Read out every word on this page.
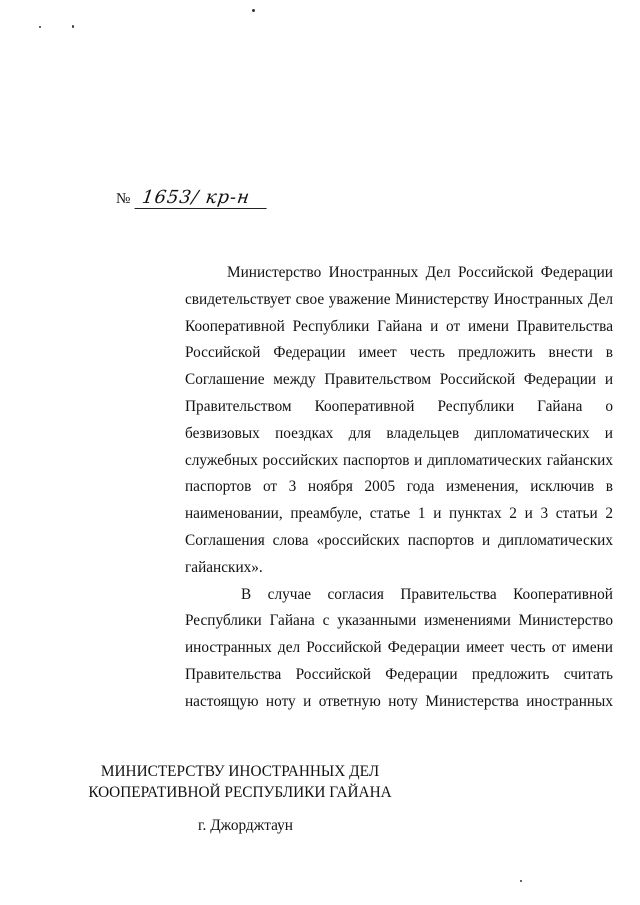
№ 1653/ кр-н

Министерство Иностранных Дел Российской Федерации свидетельствует свое уважение Министерству Иностранных Дел Кооперативной Республики Гайана и от имени Правительства Российской Федерации имеет честь предложить внести в Соглашение между Правительством Российской Федерации и Правительством Кооперативной Республики Гайана о безвизовых поездках для владельцев дипломатических и служебных российских паспортов и дипломатических гайанских паспортов от 3 ноября 2005 года изменения, исключив в наименовании, преамбуле, статье 1 и пунктах 2 и 3 статьи 2 Соглашения слова «российских паспортов и дипломатических гайанских».

В случае согласия Правительства Кооперативной Республики Гайана с указанными изменениями Министерство иностранных дел Российской Федерации имеет честь от имени Правительства Российской Федерации предложить считать настоящую ноту и ответную ноту Министерства иностранных

МИНИСТЕРСТВУ ИНОСТРАННЫХ ДЕЛ
КООПЕРАТИВНОЙ РЕСПУБЛИКИ ГАЙАНА
г. Джорджтаун
